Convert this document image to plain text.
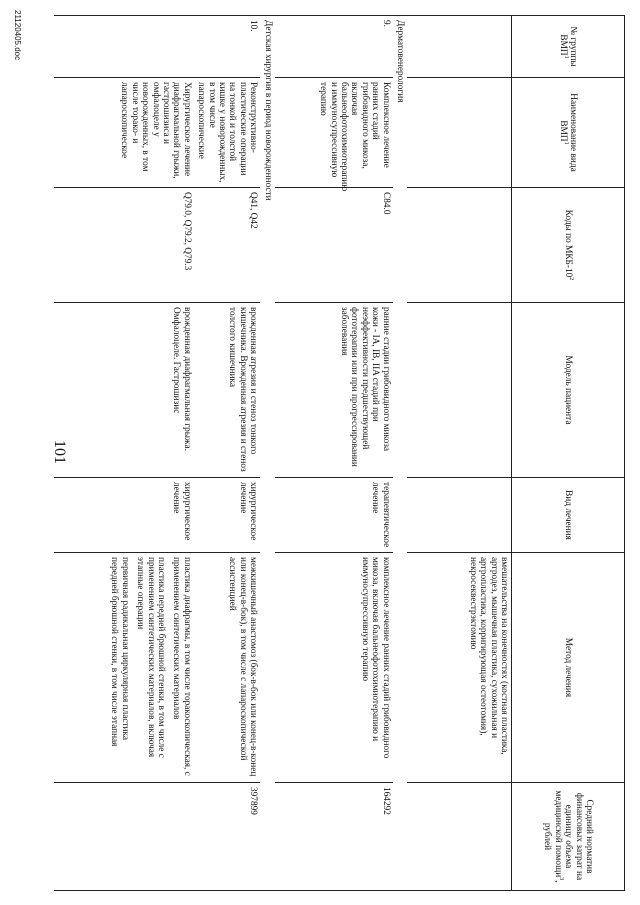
101
№ группы ВМП$^1$	Наименование вида ВМП$^1$	Коды по МКБ-$10^2$	Модель пациента	Вид лечения	Метод лечения	Средний норматив финансовых затрат на единицу объема медицинской помощи$^3$, рублей
					вмешательства на конечностях (костная пластика, артродез, мышечная пластика, сухожильная и артропластика, корригирующая остеотомия), некросеквестрэктомию	
Дерматовенерология						
9.	Комплексное лечение ранних стадий грибовидного микоза, включая бальнеофотохимиотерапию и иммуносупрессивную терапию	C84.0	ранние стадии грибовидного микоза кожи - IA, IB, IIA стадий при неэффективности предшествующей фототерапии или при прогрессировании заболевания	терапевтическое лечение	комплексное лечение ранних стадий грибовидного микоза, включая бальнеофотохимиотерапию и иммуносупрессивную терапию	164292
Детская хирургия в период новорожденности						
10.	Реконструктивно-пластические операции на тонкой и толстой кишке у новорожденных, в том числе лапароскопические	Q41, Q42	врожденная атрезия и стеноз тонкого кишечника. Врожденная атрезия и стеноз толстого кишечника	хирургическое лечение	межкишечный анастомоз (бок-в-бок или конец-в-конец или конец-в-бок), в том числе с лапароскопической ассистенцией	397899
	Хирургическое лечение диафрагмальной грыжи, гастрошизиса и омфалоцеле у новорожденных, в том числе торако- и лапароскопическое	Q79.0, Q79.2, Q79.3	врожденная диафрагмальная грыжа. Омфалоцеле. Гастрошизис	хирургическое лечение	пластика диафрагмы, в том числе торакоскопическая, с применением синтетических материалов
пластика передней брюшной стенки, в том числе с применением синтетических материалов, включая этапные операции
первичная радикальная циркулярная пластика передней брюшной стенки, в том числе этапная	

21120405.doc
